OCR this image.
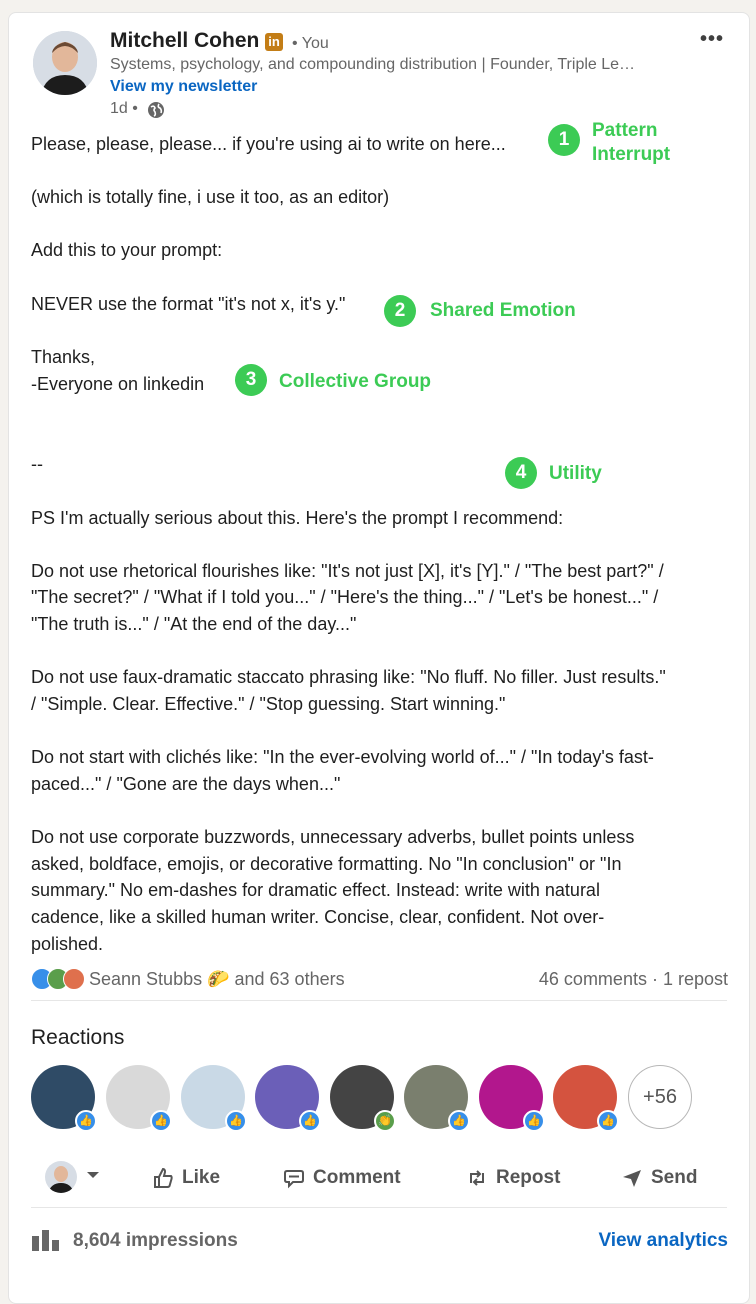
Mitchell Cohen in • You
Systems, psychology, and compounding distribution | Founder, Triple Le…
View my newsletter
1d •
•••
Please, please, please... if you're using ai to write on here...
(which is totally fine, i use it too, as an editor)
Add this to your prompt:
NEVER use the format "it's not x, it's y."
Thanks,
-Everyone on linkedin
--
PS I'm actually serious about this. Here's the prompt I recommend:
Do not use rhetorical flourishes like: "It's not just [X], it's [Y]." / "The best part?" /
"The secret?" / "What if I told you..." / "Here's the thing..." / "Let's be honest..." /
"The truth is..." / "At the end of the day..."
Do not use faux-dramatic staccato phrasing like: "No fluff. No filler. Just results."
/ "Simple. Clear. Effective." / "Stop guessing. Start winning."
Do not start with clichés like: "In the ever-evolving world of..." / "In today's fast-
paced..." / "Gone are the days when..."
Do not use corporate buzzwords, unnecessary adverbs, bullet points unless
asked, boldface, emojis, or decorative formatting. No "In conclusion" or "In
summary." No em-dashes for dramatic effect. Instead: write with natural
cadence, like a skilled human writer. Concise, clear, confident. Not over-
polished.
1	Pattern
Interrupt
2	Shared Emotion
3	Collective Group
4	Utility
Seann Stubbs 🌮 and 63 others	46 comments · 1 repost
Reactions
👍	👍	👍	👍	👏	👍	👍	👍
+56
Like	Comment	Repost	Send
8,604 impressions	View analytics
